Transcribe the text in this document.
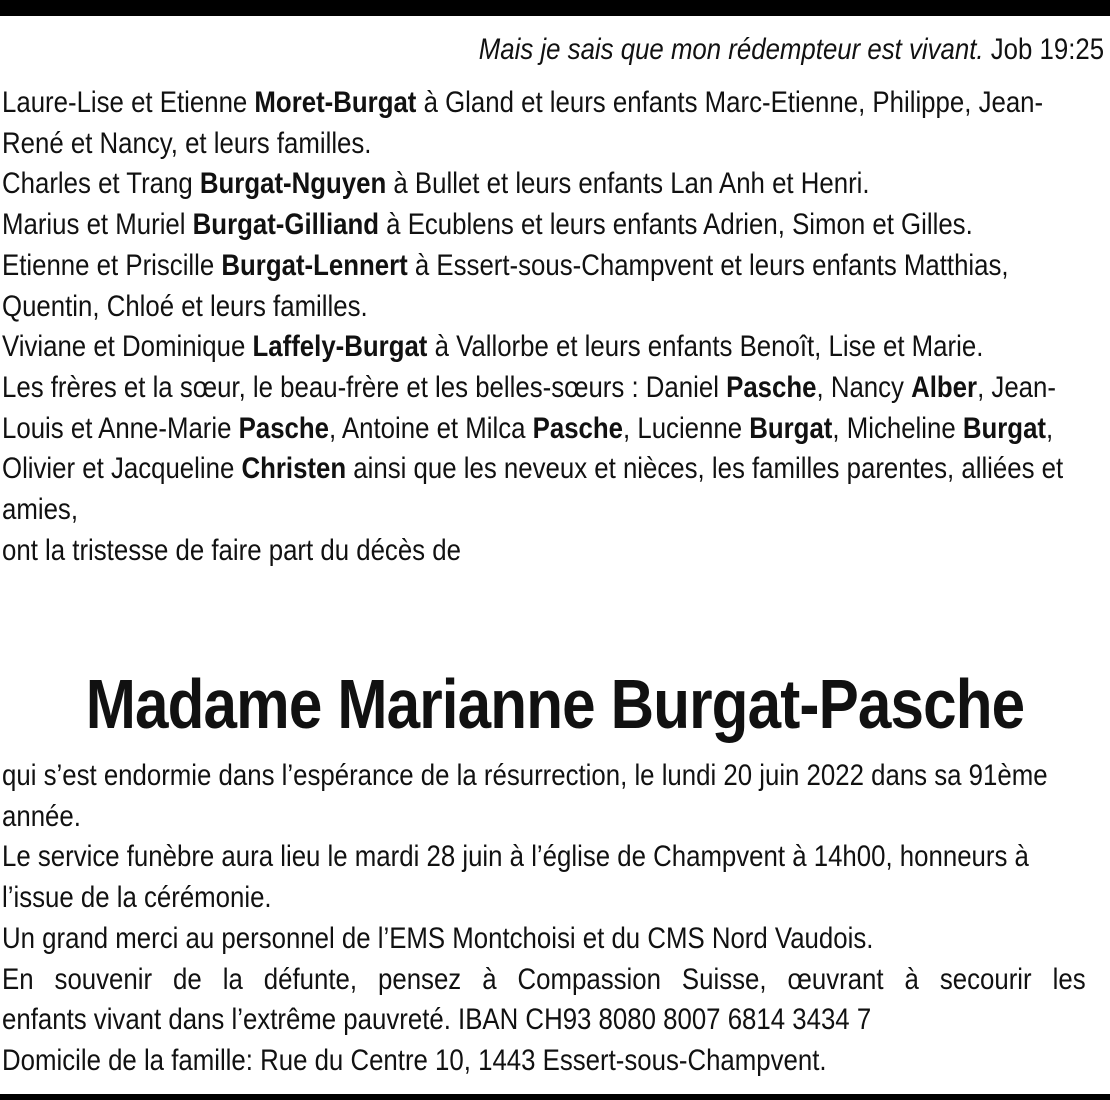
Mais je sais que mon rédempteur est vivant. Job 19:25

Laure-Lise et Etienne Moret-Burgat à Gland et leurs enfants Marc-Etienne, Philippe, Jean-René et Nancy, et leurs familles.

Charles et Trang Burgat-Nguyen à Bullet et leurs enfants Lan Anh et Henri.

Marius et Muriel Burgat-Gilliand à Ecublens et leurs enfants Adrien, Simon et Gilles.

Etienne et Priscille Burgat-Lennert à Essert-sous-Champvent et leurs enfants Matthias, Quentin, Chloé et leurs familles.

Viviane et Dominique Laffely-Burgat à Vallorbe et leurs enfants Benoît, Lise et Marie.

Les frères et la sœur, le beau-frère et les belles-sœurs : Daniel Pasche, Nancy Alber, Jean-Louis et Anne-Marie Pasche, Antoine et Milca Pasche, Lucienne Burgat, Micheline Burgat, Olivier et Jacqueline Christen ainsi que les neveux et nièces, les familles parentes, alliées et amies,

ont la tristesse de faire part du décès de

Madame Marianne Burgat-Pasche

qui s’est endormie dans l’espérance de la résurrection, le lundi 20 juin 2022 dans sa 91ème année.

Le service funèbre aura lieu le mardi 28 juin à l’église de Champvent à 14h00, honneurs à l’issue de la cérémonie.

Un grand merci au personnel de l’EMS Montchoisi et du CMS Nord Vaudois.

En souvenir de la défunte, pensez à Compassion Suisse, œuvrant à secourir les
enfants vivant dans l’extrême pauvreté. IBAN CH93 8080 8007 6814 3434 7

Domicile de la famille: Rue du Centre 10, 1443 Essert-sous-Champvent.
